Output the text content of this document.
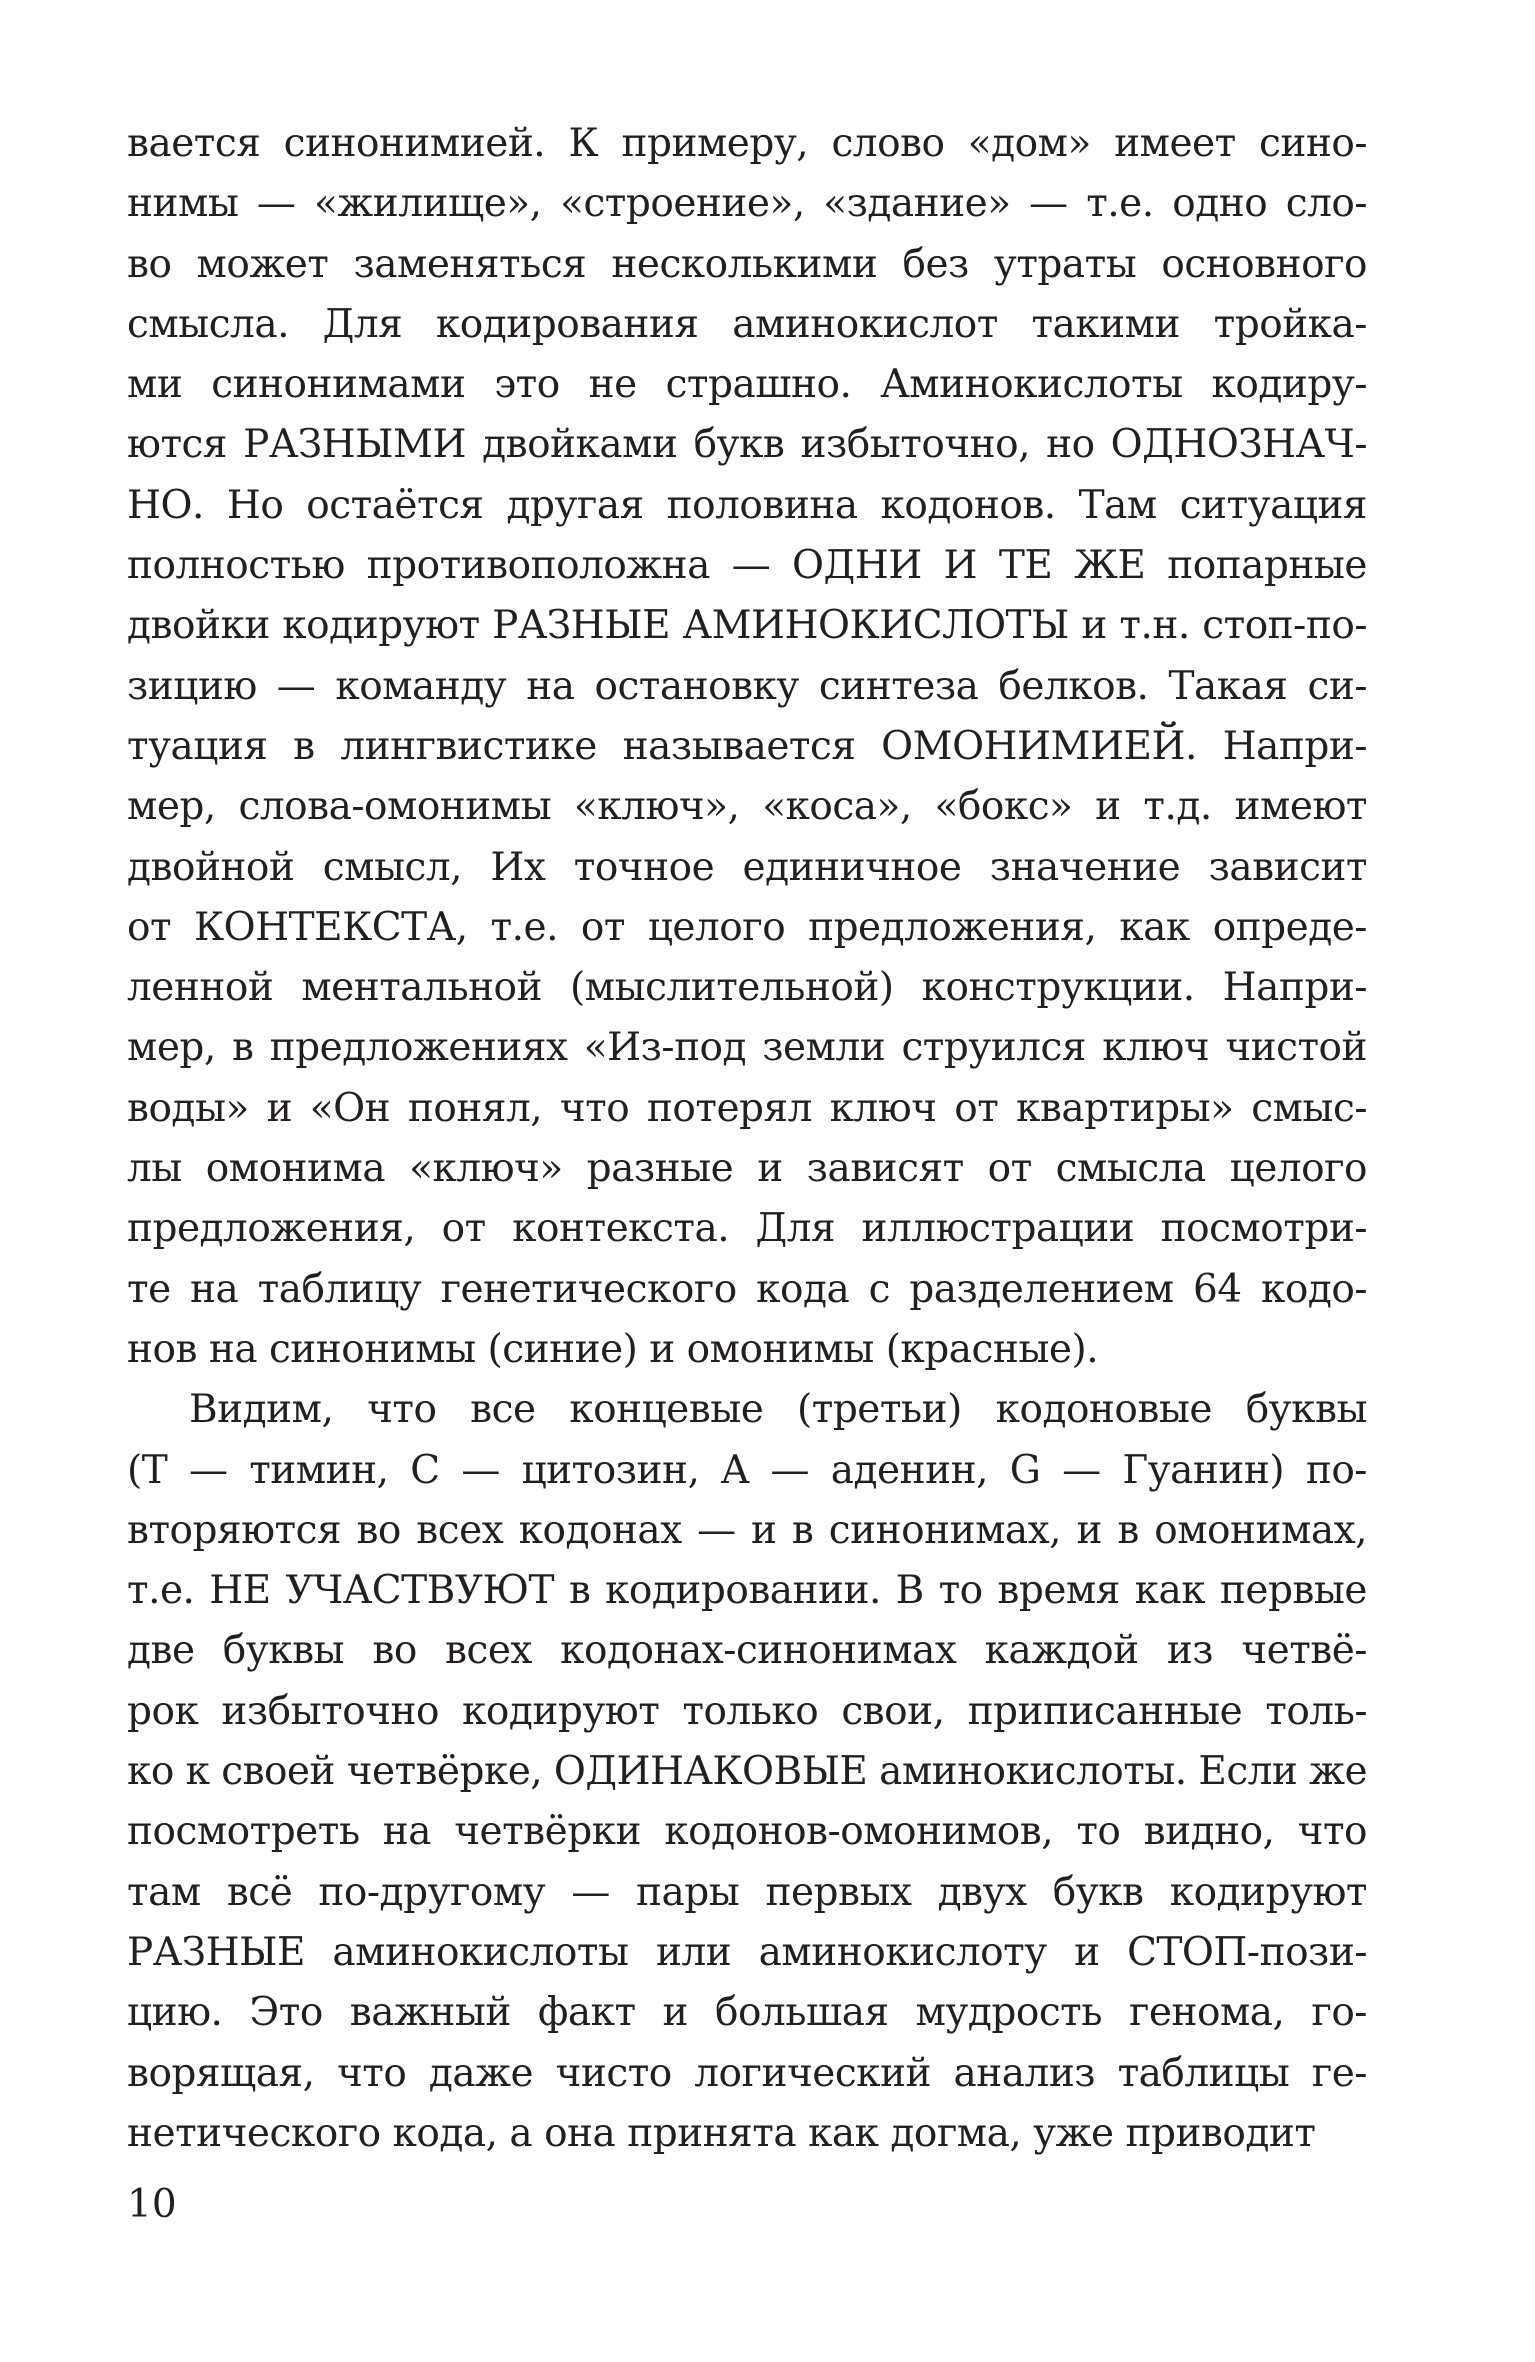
вается синонимией. К примеру, слово «дом» имеет сино-
нимы — «жилище», «строение», «здание» — т.е. одно сло-
во может заменяться несколькими без утраты основного
смысла. Для кодирования аминокислот такими тройка-
ми синонимами это не страшно. Аминокислоты кодиру-
ются РАЗНЫМИ двойками букв избыточно, но ОДНОЗНАЧ-
НО. Но остаётся другая половина кодонов. Там ситуация
полностью противоположна — ОДНИ И ТЕ ЖЕ попарные
двойки кодируют РАЗНЫЕ АМИНОКИСЛОТЫ и т.н. стоп-по-
зицию — команду на остановку синтеза белков. Такая си-
туация в лингвистике называется ОМОНИМИЕЙ. Напри-
мер, слова-омонимы «ключ», «коса», «бокс» и т.д. имеют
двойной смысл, Их точное единичное значение зависит
от КОНТЕКСТА, т.е. от целого предложения, как опреде-
ленной ментальной (мыслительной) конструкции. Напри-
мер, в предложениях «Из-под земли струился ключ чистой
воды» и «Он понял, что потерял ключ от квартиры» смыс-
лы омонима «ключ» разные и зависят от смысла целого
предложения, от контекста. Для иллюстрации посмотри-
те на таблицу генетического кода с разделением 64 кодо-
нов на синонимы (синие) и омонимы (красные).
Видим, что все концевые (третьи) кодоновые буквы
(T — тимин, C — цитозин, A — аденин, G — Гуанин) по-
вторяются во всех кодонах — и в синонимах, и в омонимах,
т.е. НЕ УЧАСТВУЮТ в кодировании. В то время как первые
две буквы во всех кодонах-синонимах каждой из четвё-
рок избыточно кодируют только свои, приписанные толь-
ко к своей четвёрке, ОДИНАКОВЫЕ аминокислоты. Если же
посмотреть на четвёрки кодонов-омонимов, то видно, что
там всё по-другому — пары первых двух букв кодируют
РАЗНЫЕ аминокислоты или аминокислоту и СТОП-пози-
цию. Это важный факт и большая мудрость генома, го-
ворящая, что даже чисто логический анализ таблицы ге-
нетического кода, а она принята как догма, уже приводит
10
